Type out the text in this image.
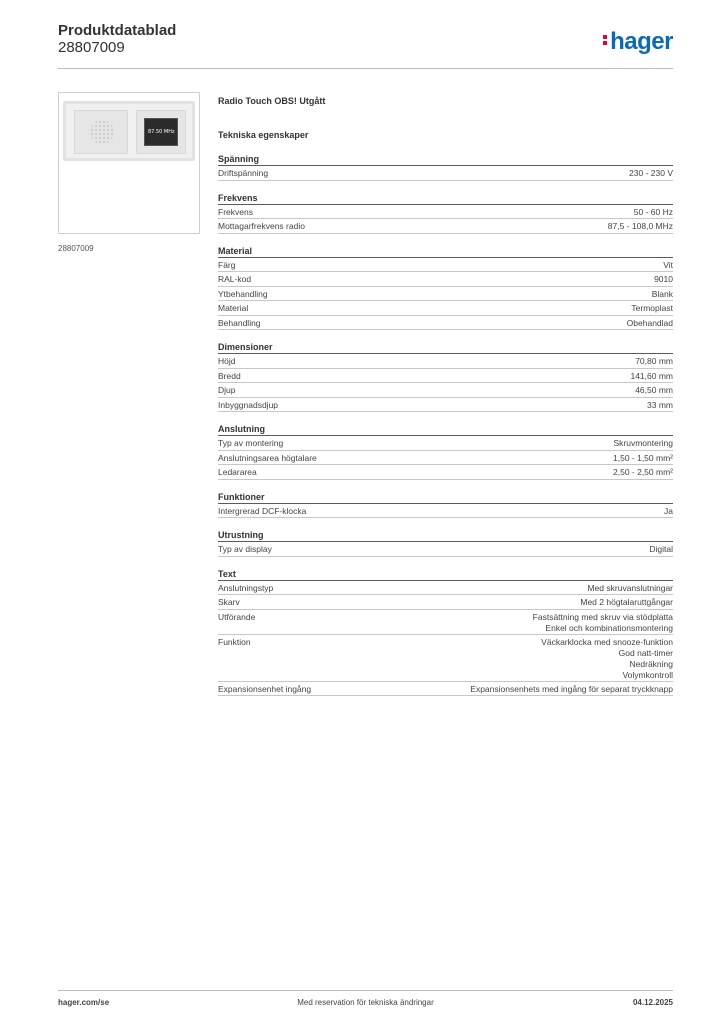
Produktdatablad
28807009	hager
87.50 MHz
28807009
Radio Touch OBS! Utgått
Tekniska egenskaper
Spänning
Driftspänning	230 - 230 V
Frekvens
Frekvens	50 - 60 Hz
Mottagarfrekvens radio	87,5 - 108,0 MHz
Material
Färg	Vit
RAL-kod	9010
Ytbehandling	Blank
Material	Termoplast
Behandling	Obehandlad
Dimensioner
Höjd	70,80 mm
Bredd	141,60 mm
Djup	46,50 mm
Inbyggnadsdjup	33 mm
Anslutning
Typ av montering	Skruvmontering
Anslutningsarea högtalare	1,50 - 1,50 mm²
Ledararea	2,50 - 2,50 mm²
Funktioner
Intergrerad DCF-klocka	Ja
Utrustning
Typ av display	Digital
Text
Anslutningstyp	Med skruvanslutningar
Skarv	Med 2 högtalaruttgångar
Utförande	Fastsättning med skruv via stödplatta
Enkel och kombinationsmontering
Funktion	Väckarklocka med snooze-funktion
God natt-timer
Nedräkning
Volymkontroll
Expansionsenhet ingång	Expansionsenhets med ingång för separat tryckknapp
hager.com/se	Med reservation för tekniska ändringar	04.12.2025
